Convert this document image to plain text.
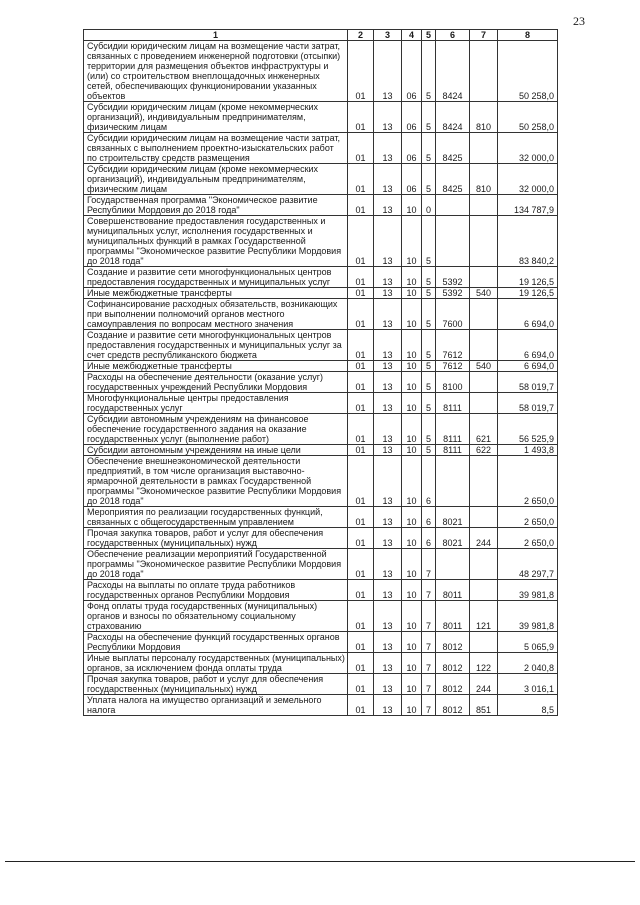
23
1	2	3	4	5	6	7	8
Субсидии юридическим лицам на возмещение части затрат, связанных с проведением инженерной подготовки (отсыпки) территории для размещения объектов инфраструктуры и (или) со строительством внеплощадочных инженерных сетей, обеспечивающих функционировании указанных объектов	01	13	06	5	8424		50 258,0
Субсидии юридическим лицам (кроме некоммерческих организаций), индивидуальным предпринимателям, физическим лицам	01	13	06	5	8424	810	50 258,0
Субсидии юридическим лицам на возмещение части затрат, связанных с выполнением проектно-изыскательских работ по строительству средств размещения	01	13	06	5	8425		32 000,0
Субсидии юридическим лицам (кроме некоммерческих организаций), индивидуальным предпринимателям, физическим лицам	01	13	06	5	8425	810	32 000,0
Государственная программа "Экономическое развитие Республики Мордовия до 2018 года"	01	13	10	0			134 787,9
Совершенствование предоставления государственных и муниципальных услуг, исполнения государственных и муниципальных функций в рамках Государственной программы "Экономическое развитие Республики Мордовия до 2018 года"	01	13	10	5			83 840,2
Создание и развитие сети многофункциональных центров предоставления государственных и муниципальных услуг	01	13	10	5	5392		19 126,5
Иные межбюджетные трансферты	01	13	10	5	5392	540	19 126,5
Софинансирование расходных обязательств, возникающих при выполнении полномочий органов местного самоуправления по вопросам местного значения	01	13	10	5	7600		6 694,0
Создание и развитие сети многофункциональных центров предоставления государственных и муниципальных услуг за счет средств республиканского бюджета	01	13	10	5	7612		6 694,0
Иные межбюджетные трансферты	01	13	10	5	7612	540	6 694,0
Расходы на обеспечение деятельности (оказание услуг) государственных учреждений Республики Мордовия	01	13	10	5	8100		58 019,7
Многофункциональные центры предоставления государственных услуг	01	13	10	5	8111		58 019,7
Субсидии автономным учреждениям на финансовое обеспечение государственного задания на оказание государственных услуг (выполнение работ)	01	13	10	5	8111	621	56 525,9
Субсидии автономным учреждениям на иные цели	01	13	10	5	8111	622	1 493,8
Обеспечение внешнеэкономической деятельности предприятий, в том числе организация выставочно-ярмарочной деятельности в рамках Государственной программы "Экономическое развитие Республики Мордовия до 2018 года"	01	13	10	6			2 650,0
Мероприятия по реализации государственных функций, связанных с общегосударственным управлением	01	13	10	6	8021		2 650,0
Прочая закупка товаров, работ и услуг для обеспечения государственных (муниципальных) нужд	01	13	10	6	8021	244	2 650,0
Обеспечение реализации мероприятий Государственной программы "Экономическое развитие Республики Мордовия до 2018 года"	01	13	10	7			48 297,7
Расходы на выплаты по оплате труда работников государственных органов Республики Мордовия	01	13	10	7	8011		39 981,8
Фонд оплаты труда государственных (муниципальных) органов и взносы по обязательному социальному страхованию	01	13	10	7	8011	121	39 981,8
Расходы на обеспечение функций государственных органов Республики Мордовия	01	13	10	7	8012		5 065,9
Иные выплаты персоналу государственных (муниципальных) органов, за исключением фонда оплаты труда	01	13	10	7	8012	122	2 040,8
Прочая закупка товаров, работ и услуг для обеспечения государственных (муниципальных) нужд	01	13	10	7	8012	244	3 016,1
Уплата налога на имущество организаций и земельного налога	01	13	10	7	8012	851	8,5
